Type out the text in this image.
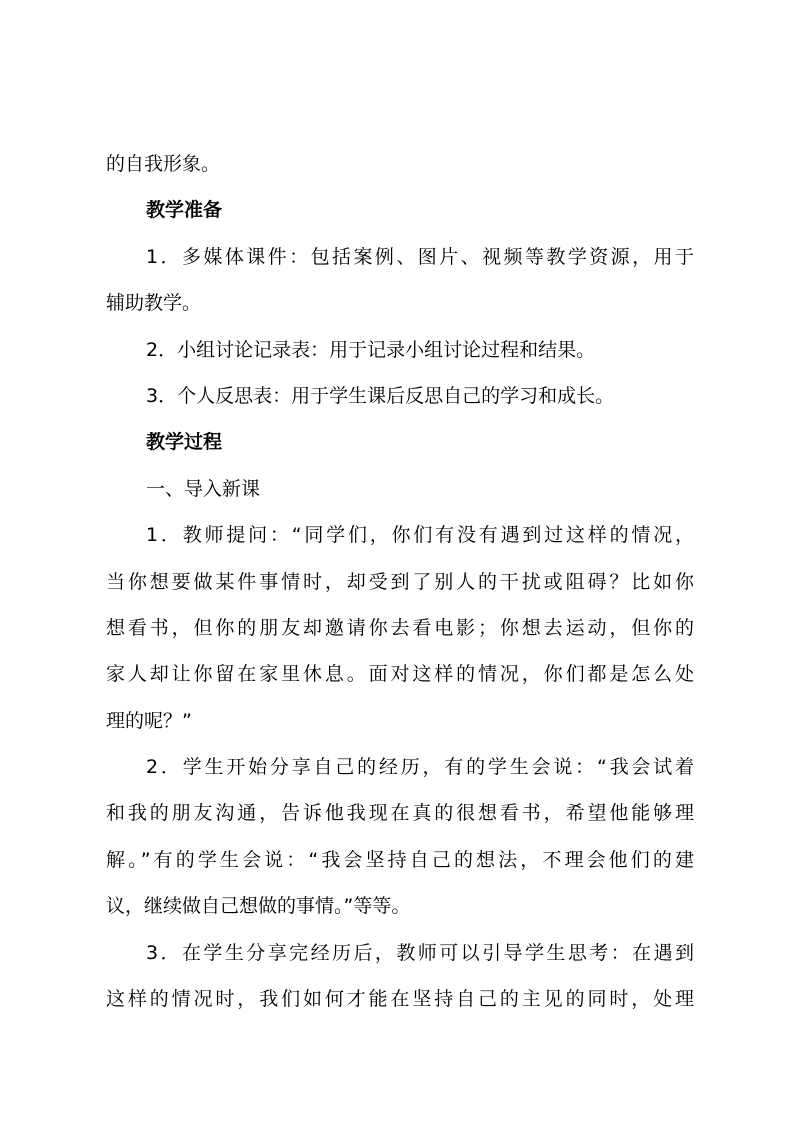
的自我形象。
教学准备
1．多媒体课件：包括案例、图片、视频等教学资源，用于
辅助教学。
2．小组讨论记录表：用于记录小组讨论过程和结果。
3．个人反思表：用于学生课后反思自己的学习和成长。
教学过程
一、导入新课
1．教师提问：“同学们，你们有没有遇到过这样的情况，
当你想要做某件事情时，却受到了别人的干扰或阻碍？比如你
想看书，但你的朋友却邀请你去看电影；你想去运动，但你的
家人却让你留在家里休息。面对这样的情况，你们都是怎么处
理的呢？”
2．学生开始分享自己的经历，有的学生会说：“我会试着
和我的朋友沟通，告诉他我现在真的很想看书，希望他能够理
解。”有的学生会说：“我会坚持自己的想法，不理会他们的建
议，继续做自己想做的事情。”等等。
3．在学生分享完经历后，教师可以引导学生思考：在遇到
这样的情况时，我们如何才能在坚持自己的主见的同时，处理
